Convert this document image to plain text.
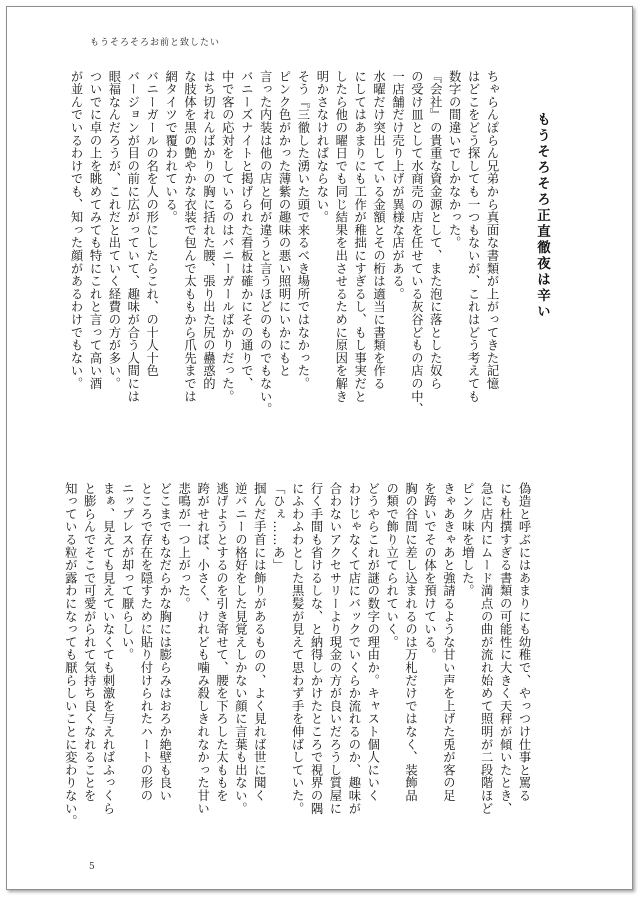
もうそろそろお前と致したい
もうそろそろ正直徹夜は辛い
ちゃらんぽらん兄弟から真面な書類が上がってきた記憶
はどこをどう探しても一つもないが、これはどう考えても
数字の間違いでしかなかった。
『会社』の貴重な資金源として、また泡に落とした奴ら
の受け皿として水商売の店を任せている灰谷どもの店の中、
一店舗だけ売り上げが異様な店がある。
水曜だけ突出している金額とその桁は適当に書類を作る
にしてはあまりにも工作が稚拙にすぎるし、もし事実だと
したら他の曜日でも同じ結果を出させるために原因を解き
明かさなければならない。
そう『三徹した湧いた頭で来るべき場所ではなかった。
ピンク色がかった薄紫の趣味の悪い照明にいかにもと
言った内装は他の店と何が違うと言うほどのものでもない。
バニーズナイトと掲げられた看板は確かにその通りで、
中で客の応対をしているのはバニーガールばかりだった。
はち切れんばかりの胸に括れた腰、張り出た尻の蠱惑的
な肢体を黒の艶やかな衣装で包んで太ももから爪先までは
網タイツで覆われている。
バニーガールの名を人の形にしたらこれ、の十人十色
バージョンが目の前に広がっていて、趣味が合う人間には
眼福なんだろうが、これだと出ていく経費の方が多い。
ついでに卓の上を眺めてみても特にこれと言って高い酒
が並んでいるわけでも、知った顔があるわけでもない。
偽造と呼ぶにはあまりにも幼稚で、やっつけ仕事と罵る
にも杜撰すぎる書類の可能性に大きく天秤が傾いたとき、
急に店内にムード満点の曲が流れ始めて照明が二段階ほど
ピンク味を増した。
きゃあきゃあと強請るような甘い声を上げた兎が客の足
を跨いでその体を預けている。
胸の谷間に差し込まれるのは万札だけではなく、装飾品
の類で飾り立てられていく。
どうやらこれが謎の数字の理由か。キャスト個人にいく
わけじゃなくて店にバックでいくらか流れるのか、趣味が
合わないアクセサリーより現金の方が良いだろうし質屋に
行く手間も省けるしな、と納得しかけたところで視界の隅
にふわふわとした黒髪が見えて思わず手を伸ばしていた。
「ひぇ……あ」
掴んだ手首には飾りがあるものの、よく見れば世に聞く
逆バニーの格好をした見覚えしかない顔に言葉も出ない。
逃げようとするのを引き寄せて、腰を下ろした太ももを
跨がせれば、小さく、けれども噛み殺しきれなかった甘い
悲鳴が一つ上がった。
どこまでもなだらかな胸には膨らみはおろか絶壁も良い
ところで存在を隠すために貼り付けられたハートの形の
ニップレスが却って厭らしい。
まぁ、見えても見えていなくても刺激を与えればふっくら
と膨らんでそこで可愛がられて気持ち良くなれることを
知っている粒が露わになっても厭らしいことに変わりない。
5
